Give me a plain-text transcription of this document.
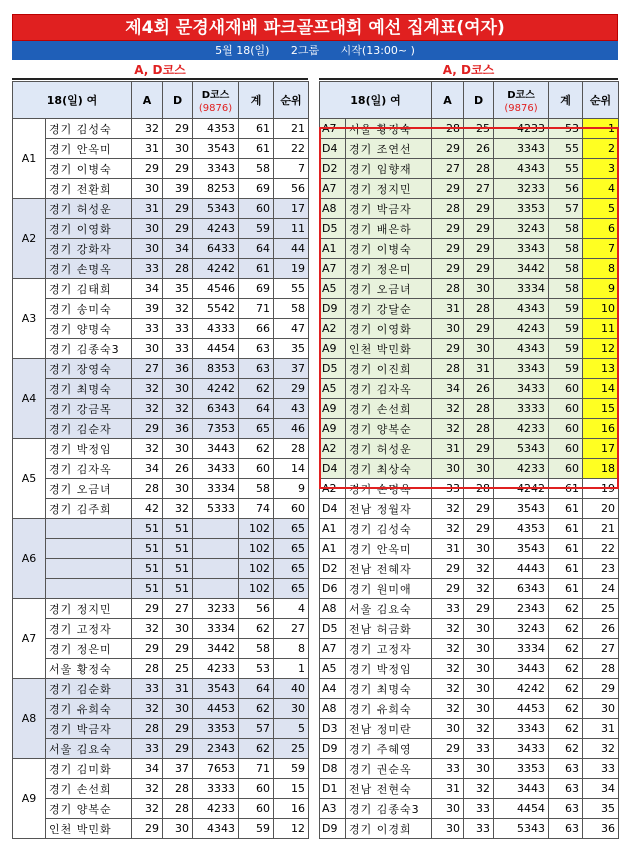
제4회 문경새재배 파크골프대회 예선 집계표(여자)
5월 18(일) 2그룹 시작(13:00~ )
A, D코스	A, D코스
18(일) 여		A	D	D코스
(9876)	계	순위
A1	경기 김성숙	32	29	4353	61	21
	경기 안옥미	31	30	3543	61	22
	경기 이병숙	29	29	3343	58	7
	경기 전환희	30	39	8253	69	56
A2	경기 허성운	31	29	5343	60	17
	경기 이영화	30	29	4243	59	11
	경기 강화자	30	34	6433	64	44
	경기 손명옥	33	28	4242	61	19
A3	경기 김태희	34	35	4546	69	55
	경기 송미숙	39	32	5542	71	58
	경기 양명숙	33	33	4333	66	47
	경기 김종숙3	30	33	4454	63	35
A4	경기 장영숙	27	36	8353	63	37
	경기 최명숙	32	30	4242	62	29
	경기 강금목	32	32	6343	64	43
	경기 김순자	29	36	7353	65	46
A5	경기 박정임	32	30	3443	62	28
	경기 김자옥	34	26	3433	60	14
	경기 오금녀	28	30	3334	58	9
	경기 김주희	42	32	5333	74	60
A6		51	51		102	65
		51	51		102	65
		51	51		102	65
		51	51		102	65
A7	경기 정지민	29	27	3233	56	4
	경기 고정자	32	30	3334	62	27
	경기 정은미	29	29	3442	58	8
	서울 황정숙	28	25	4233	53	1
A8	경기 김순화	33	31	3543	64	40
	경기 유희숙	32	30	4453	62	30
	경기 박금자	28	29	3353	57	5
	서울 김요숙	33	29	2343	62	25
A9	경기 김미화	34	37	7653	71	59
	경기 손선희	32	28	3333	60	15
	경기 양복순	32	28	4233	60	16
	인천 박민화	29	30	4343	59	12
18(일) 여		A	D	D코스
(9876)	계	순위
A7	서울 황정숙	28	25	4233	53	1
D4	경기 조연선	29	26	3343	55	2
D2	경기 임향재	27	28	4343	55	3
A7	경기 정지민	29	27	3233	56	4
A8	경기 박금자	28	29	3353	57	5
D5	경기 배은하	29	29	3243	58	6
A1	경기 이병숙	29	29	3343	58	7
A7	경기 정은미	29	29	3442	58	8
A5	경기 오금녀	28	30	3334	58	9
D9	경기 강달순	31	28	4343	59	10
A2	경기 이영화	30	29	4243	59	11
A9	인천 박민화	29	30	4343	59	12
D5	경기 이진희	28	31	3343	59	13
A5	경기 김자옥	34	26	3433	60	14
A9	경기 손선희	32	28	3333	60	15
A9	경기 양복순	32	28	4233	60	16
A2	경기 허성운	31	29	5343	60	17
D4	경기 최상숙	30	30	4233	60	18
A2	경기 손명옥	33	28	4242	61	19
D4	전남 정월자	32	29	3543	61	20
A1	경기 김성숙	32	29	4353	61	21
A1	경기 안옥미	31	30	3543	61	22
D2	전남 전혜자	29	32	4443	61	23
D6	경기 원미애	29	32	6343	61	24
A8	서울 김요숙	33	29	2343	62	25
D5	전남 허금화	32	30	3243	62	26
A7	경기 고정자	32	30	3334	62	27
A5	경기 박정임	32	30	3443	62	28
A4	경기 최명숙	32	30	4242	62	29
A8	경기 유희숙	32	30	4453	62	30
D3	전남 정미란	30	32	3343	62	31
D9	경기 주혜영	29	33	3433	62	32
D8	경기 권순옥	33	30	3353	63	33
D1	전남 전현숙	31	32	3443	63	34
A3	경기 김종숙3	30	33	4454	63	35
D9	경기 이경희	30	33	5343	63	36
